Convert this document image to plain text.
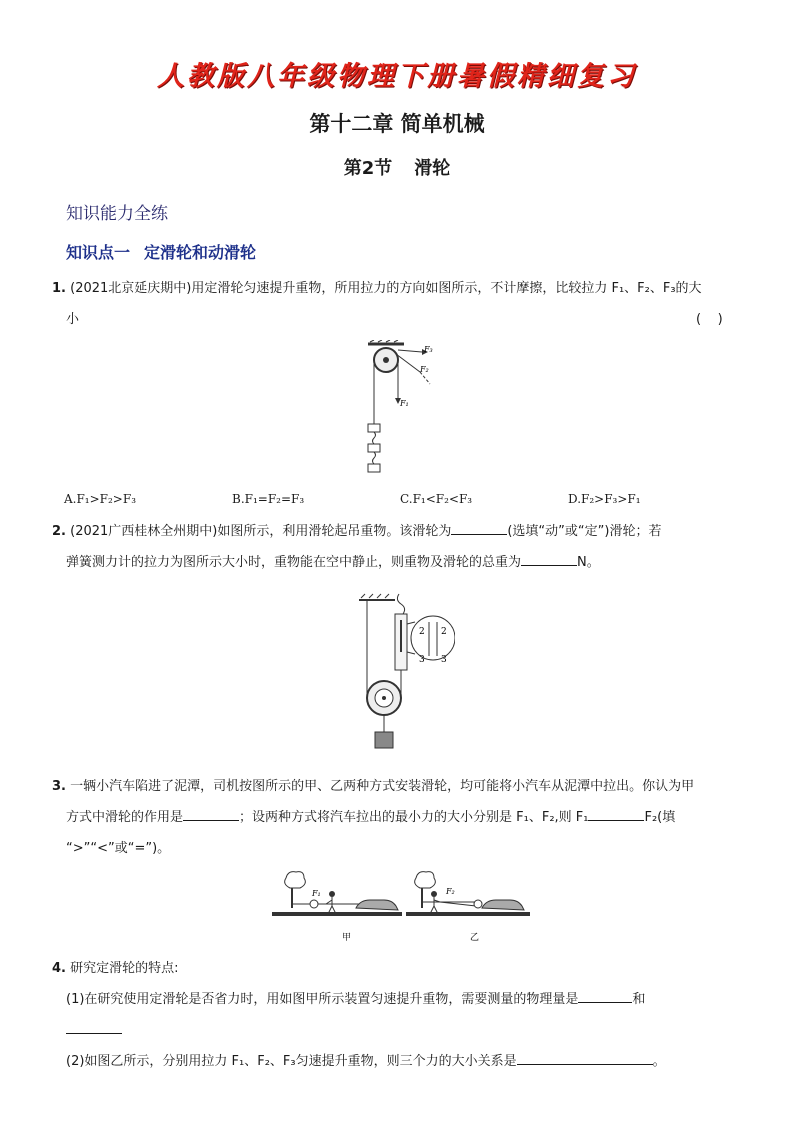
人教版八年级物理下册暑假精细复习
第十二章 简单机械
第2节 滑轮
知识能力全练
知识点一 定滑轮和动滑轮
1. (2021北京延庆期中)用定滑轮匀速提升重物，所用拉力的方向如图所示，不计摩擦，比较拉力 F₁、F₂、F₃的大
小	(    )
F₃
F₂
F₁
A.F₁>F₂>F₃	B.F₁=F₂=F₃	C.F₁<F₂<F₃	D.F₂>F₃>F₁
2. (2021广西桂林全州期中)如图所示，利用滑轮起吊重物。该滑轮为	(选填“动”或“定”)滑轮；若
弹簧测力计的拉力为图所示大小时，重物能在空中静止，则重物及滑轮的总重为	N。
2
3
2
3
3. 一辆小汽车陷进了泥潭，司机按图所示的甲、乙两种方式安装滑轮，均可能将小汽车从泥潭中拉出。你认为甲
方式中滑轮的作用是	；设两种方式将汽车拉出的最小力的大小分别是 F₁、F₂,则 F₁	F₂(填
“>”“<”或“=”)。
F₁
甲
F₂
乙
4. 研究定滑轮的特点:
(1)在研究使用定滑轮是否省力时，用如图甲所示装置匀速提升重物，需要测量的物理量是	和
(2)如图乙所示，分别用拉力 F₁、F₂、F₃匀速提升重物，则三个力的大小关系是	。
